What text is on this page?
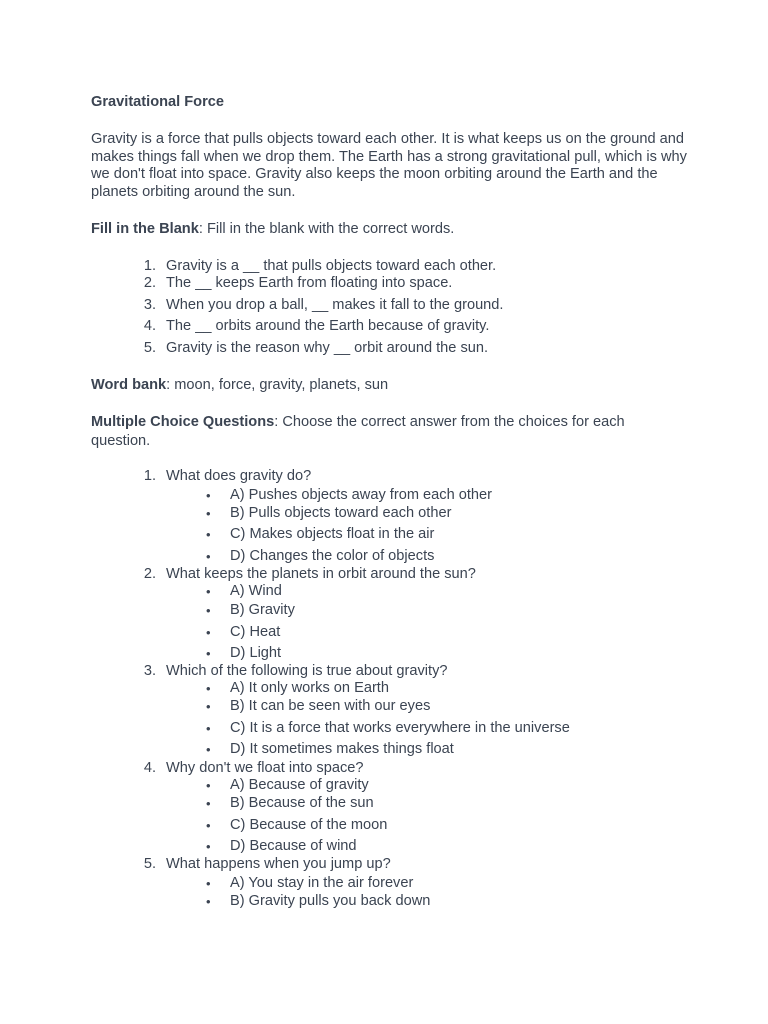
Gravitational Force

Gravity is a force that pulls objects toward each other. It is what keeps us on the ground and makes things fall when we drop them. The Earth has a strong gravitational pull, which is why we don't float into space. Gravity also keeps the moon orbiting around the Earth and the planets orbiting around the sun.

Fill in the Blank: Fill in the blank with the correct words.

1. Gravity is a __ that pulls objects toward each other.
2. The __ keeps Earth from floating into space.
3. When you drop a ball, __ makes it fall to the ground.
4. The __ orbits around the Earth because of gravity.
5. Gravity is the reason why __ orbit around the sun.

Word bank: moon, force, gravity, planets, sun

Multiple Choice Questions: Choose the correct answer from the choices for each

question.

1. What does gravity do?
• A) Pushes objects away from each other
• B) Pulls objects toward each other
• C) Makes objects float in the air
• D) Changes the color of objects
2. What keeps the planets in orbit around the sun?
• A) Wind
• B) Gravity
• C) Heat
• D) Light
3. Which of the following is true about gravity?
• A) It only works on Earth
• B) It can be seen with our eyes
• C) It is a force that works everywhere in the universe
• D) It sometimes makes things float
4. Why don't we float into space?
• A) Because of gravity
• B) Because of the sun
• C) Because of the moon
• D) Because of wind
5. What happens when you jump up?
• A) You stay in the air forever
• B) Gravity pulls you back down
